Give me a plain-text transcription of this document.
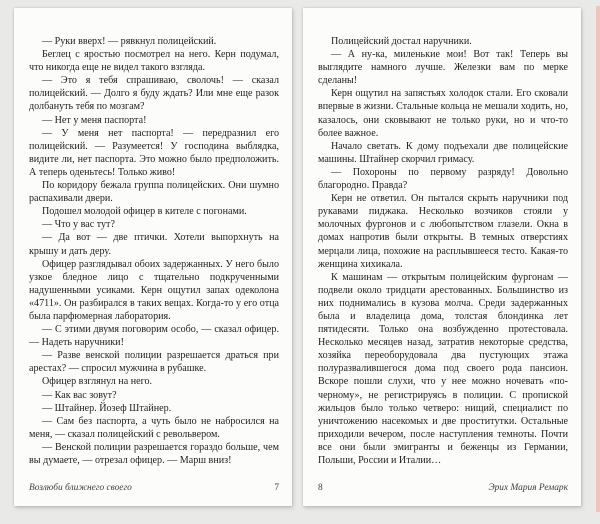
— Руки вверх! — рявкнул полицейский.

Беглец с яростью посмотрел на него. Керн подумал, что никогда еще не видел такого взгляда.

— Это я тебя спрашиваю, сволочь! — сказал полицейский. — Долго я буду ждать? Или мне еще разок долбануть тебя по мозгам?

— Нет у меня паспорта!

— У меня нет паспорта! — передразнил его полицейский. — Разумеется! У господина выблядка, видите ли, нет паспорта. Это можно было предположить. А теперь оденьтесь! Только живо!

По коридору бежала группа полицейских. Они шумно распахивали двери.

Подошел молодой офицер в кителе с погонами.

— Что у вас тут?

— Да вот — две птички. Хотели выпорхнуть на крышу и дать деру.

Офицер разглядывал обоих задержанных. У него было узкое бледное лицо с тщательно подкрученными надушенными усиками. Керн ощутил запах одеколона «4711». Он разбирался в таких вещах. Когда-то у его отца была парфюмерная лаборатория.

— С этими двумя поговорим особо, — сказал офицер. — Надеть наручники!

— Разве венской полиции разрешается драться при арестах? — спросил мужчина в рубашке.

Офицер взглянул на него.

— Как вас зовут?

— Штайнер. Йозеф Штайнер.

— Сам без паспорта, а чуть было не набросился на меня, — сказал полицейский с револьвером.

— Венской полиции разрешается гораздо больше, чем вы думаете, — отрезал офицер. — Марш вниз!

Возлюби ближнего своего	7

Полицейский достал наручники.

— А ну-ка, миленькие мои! Вот так! Теперь вы выглядите намного лучше. Железки вам по мерке сделаны!

Керн ощутил на запястьях холодок стали. Его сковали впервые в жизни. Стальные кольца не мешали ходить, но, казалось, они сковывают не только руки, но и что-то более важное.

Начало светать. К дому подъехали две полицейские машины. Штайнер скорчил гримасу.

— Похороны по первому разряду! Довольно благородно. Правда?

Керн не ответил. Он пытался скрыть наручники под рукавами пиджака. Несколько возчиков стояли у молочных фургонов и с любопытством глазели. Окна в домах напротив были открыты. В темных отверстиях мерцали лица, похожие на расплывшееся тесто. Какая-то женщина хихикала.

К машинам — открытым полицейским фургонам — подвели около тридцати арестованных. Большинство из них поднимались в кузова молча. Среди задержанных была и владелица дома, толстая блондинка лет пятидесяти. Только она возбужденно протестовала. Несколько месяцев назад, затратив некоторые средства, хозяйка переоборудовала два пустующих этажа полуразвалившегося дома под своего рода пансион. Вскоре пошли слухи, что у нее можно ночевать «по-черному», не регистрируясь в полиции. С пропиской жильцов было только четверо: нищий, специалист по уничтожению насекомых и две проститутки. Остальные приходили вечером, после наступления темноты. Почти все они были эмигранты и беженцы из Германии, Польши, России и Италии…

8	Эрих Мария Ремарк
